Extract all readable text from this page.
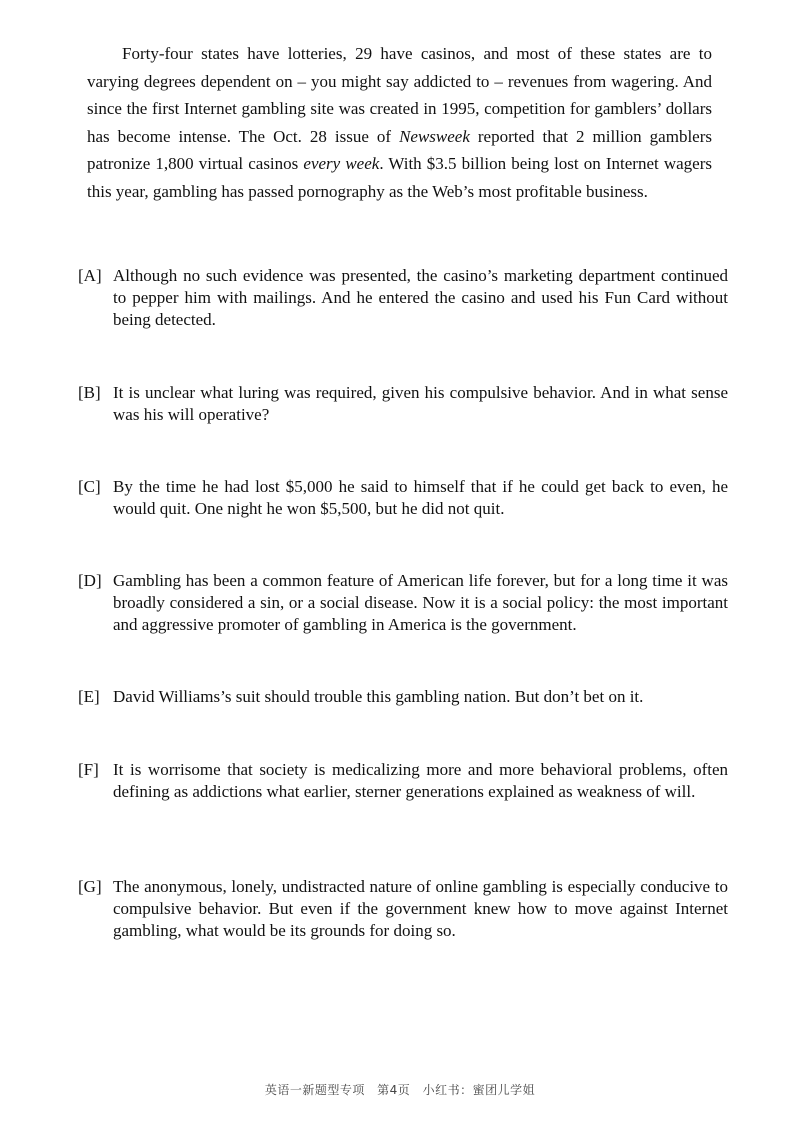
Forty-four states have lotteries, 29 have casinos, and most of these states are to varying degrees dependent on – you might say addicted to – revenues from wagering. And since the first Internet gambling site was created in 1995, competition for gamblers’ dollars has become intense. The Oct. 28 issue of Newsweek reported that 2 million gamblers patronize 1,800 virtual casinos every week. With $3.5 billion being lost on Internet wagers this year, gambling has passed pornography as the Web’s most profitable business.

[A] Although no such evidence was presented, the casino’s marketing department continued to pepper him with mailings. And he entered the casino and used his Fun Card without being detected.
[B] It is unclear what luring was required, given his compulsive behavior. And in what sense was his will operative?
[C] By the time he had lost $5,000 he said to himself that if he could get back to even, he would quit. One night he won $5,500, but he did not quit.
[D] Gambling has been a common feature of American life forever, but for a long time it was broadly considered a sin, or a social disease. Now it is a social policy: the most important and aggressive promoter of gambling in America is the government.
[E] David Williams’s suit should trouble this gambling nation. But don’t bet on it.
[F] It is worrisome that society is medicalizing more and more behavioral problems, often defining as addictions what earlier, sterner generations explained as weakness of will.
[G] The anonymous, lonely, undistracted nature of online gambling is especially conducive to compulsive behavior. But even if the government knew how to move against Internet gambling, what would be its grounds for doing so.
英语一新题型专项 第4页 小红书：蜜团儿学姐
